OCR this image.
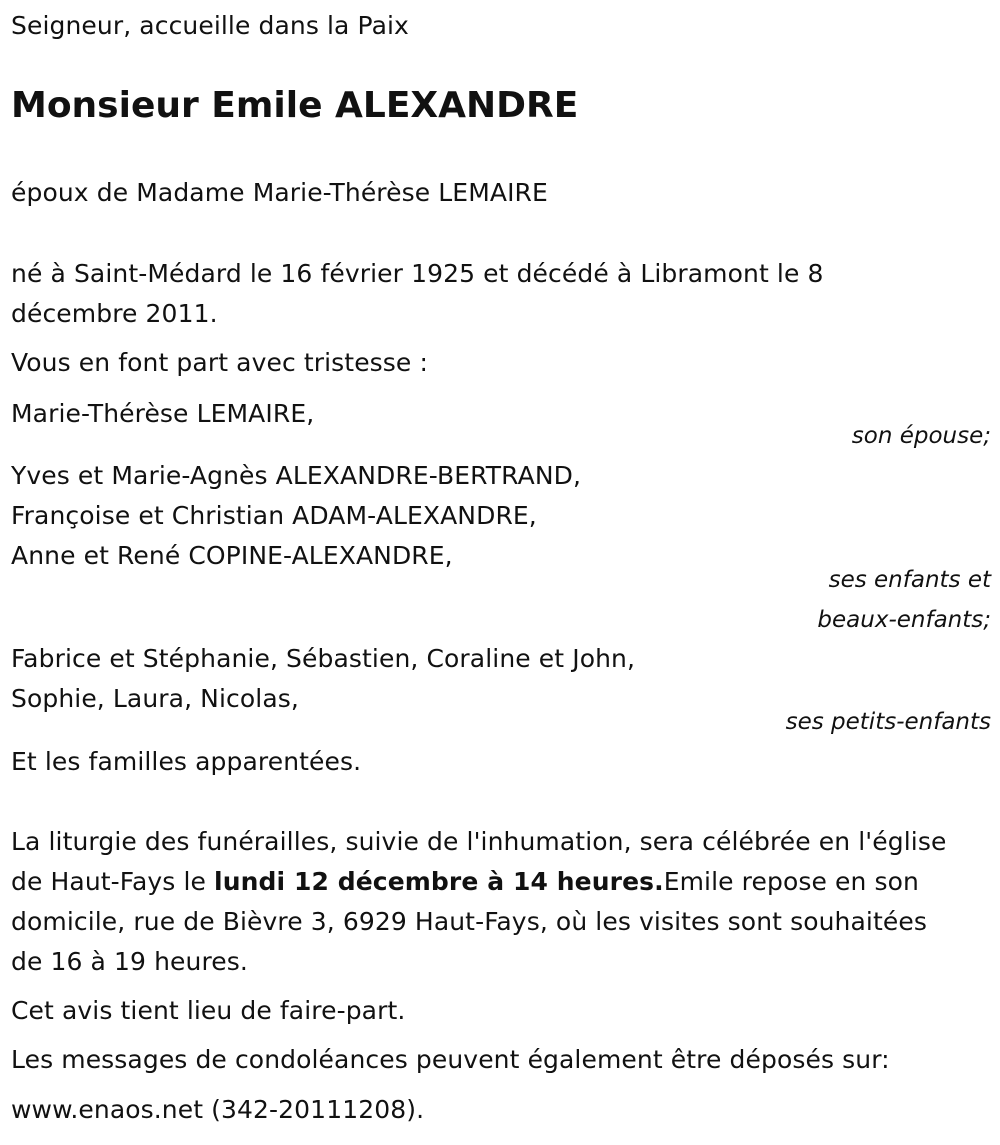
Seigneur, accueille dans la Paix

Monsieur Emile ALEXANDRE

époux de Madame Marie-Thérèse LEMAIRE

né à Saint-Médard le 16 février 1925 et décédé à Libramont le 8

décembre 2011.

Vous en font part avec tristesse :

Marie-Thérèse LEMAIRE,

son épouse;

Yves et Marie-Agnès ALEXANDRE-BERTRAND,

Françoise et Christian ADAM-ALEXANDRE,

Anne et René COPINE-ALEXANDRE,

ses enfants et
beaux-enfants;

Fabrice et Stéphanie, Sébastien, Coraline et John,

Sophie, Laura, Nicolas,

ses petits-enfants

Et les familles apparentées.

La liturgie des funérailles, suivie de l'inhumation, sera célébrée en l'église

de Haut-Fays le lundi 12 décembre à 14 heures.Emile repose en son

domicile, rue de Bièvre 3, 6929 Haut-Fays, où les visites sont souhaitées

de 16 à 19 heures.

Cet avis tient lieu de faire-part.

Les messages de condoléances peuvent également être déposés sur:

www.enaos.net (342-20111208).
